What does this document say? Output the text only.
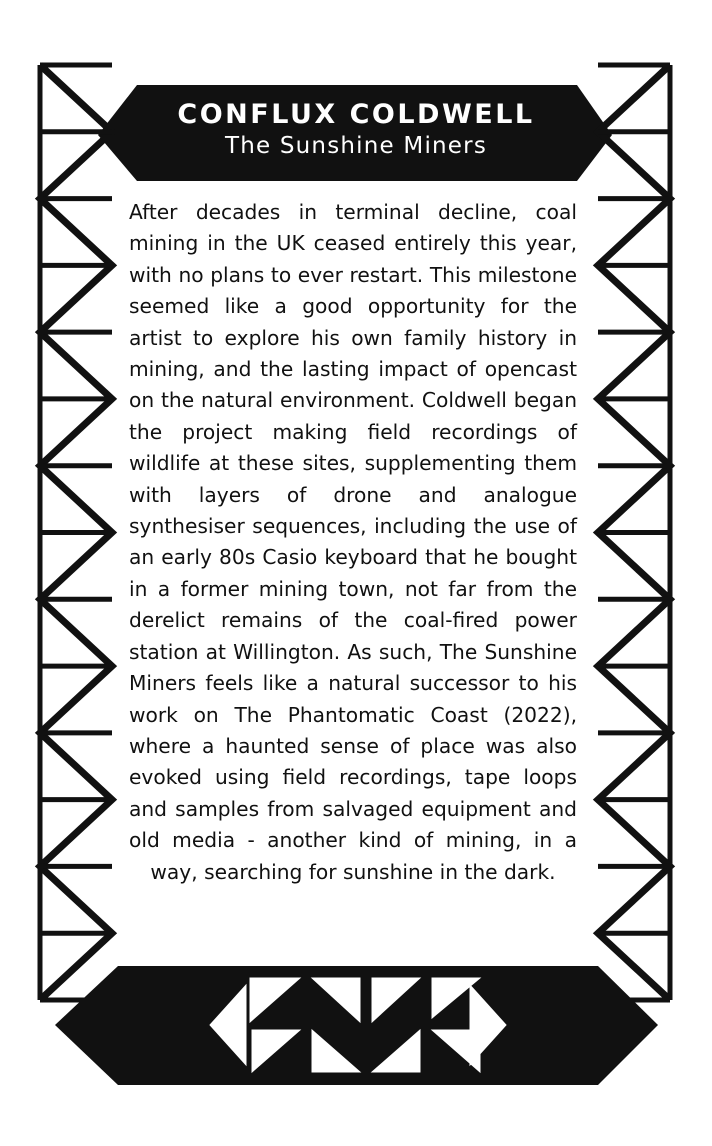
CONFLUX COLDWELL
The Sunshine Miners

After decades in terminal decline, coal mining in the UK ceased entirely this year, with no plans to ever restart. This milestone seemed like a good opportunity for the artist to explore his own family history in mining, and the lasting impact of opencast on the natural environment. Coldwell began the project making field recordings of wildlife at these sites, supplementing them with layers of drone and analogue synthesiser sequences, including the use of an early 80s Casio keyboard that he bought in a former mining town, not far from the derelict remains of the coal-fired power station at Willington. As such, The Sunshine Miners feels like a natural successor to his work on The Phantomatic Coast (2022), where a haunted sense of place was also evoked using field recordings, tape loops and samples from salvaged equipment and old media - another kind of mining, in a way, searching for sunshine in the dark.
